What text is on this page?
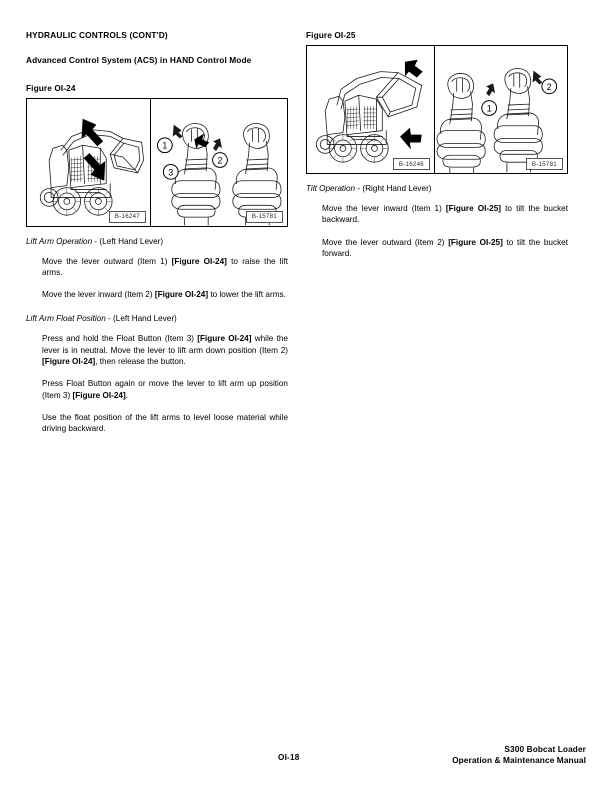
HYDRAULIC CONTROLS (CONT'D)
Advanced Control System (ACS) in HAND Control Mode
Figure OI-24
B-16247
1
2
3
B-15781
Lift Arm Operation - (Left Hand Lever)
Move the lever outward (Item 1) [Figure OI-24] to raise the lift arms.
Move the lever inward (Item 2) [Figure OI-24] to lower the lift arms.
Lift Arm Float Position - (Left Hand Lever)
Press and hold the Float Button (Item 3) [Figure OI-24] while the lever is in neutral. Move the lever to lift arm down position (Item 2) [Figure OI-24], then release the button.
Press Float Button again or move the lever to lift arm up position (Item 3) [Figure OI-24].
Use the float position of the lift arms to level loose material while driving backward.
Figure OI-25
B-16246
1
2
B-15781
Tilt Operation - (Right Hand Lever)
Move the lever inward (Item 1) [Figure OI-25] to tilt the bucket backward.
Move the lever outward (Item 2) [Figure OI-25] to tilt the bucket forward.
OI-18
S300 Bobcat Loader
Operation & Maintenance Manual
